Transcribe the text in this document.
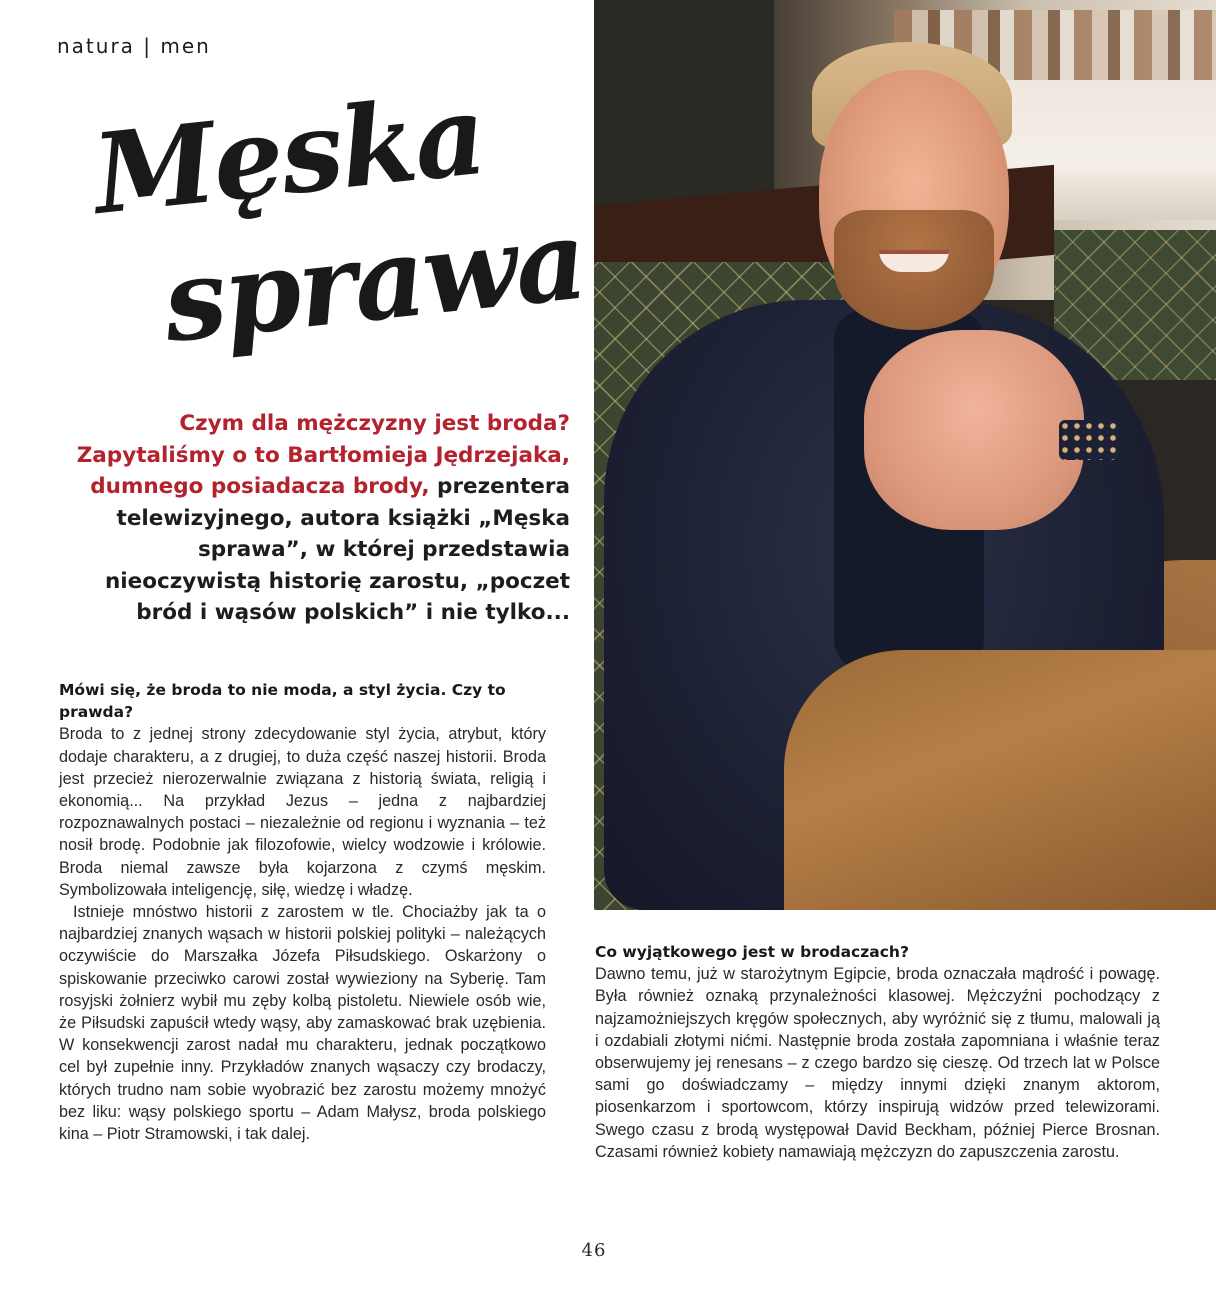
natura | men
Męska
sprawa
Czym dla mężczyzny jest broda? Zapytaliśmy o to Bartłomieja Jędrzejaka, dumnego posiadacza brody, prezentera telewizyjnego, autora książki „Męska sprawa”, w której przedstawia nieoczywistą historię zarostu, „poczet bród i wąsów polskich” i nie tylko...
Mówi się, że broda to nie moda, a styl życia. Czy to prawda?

Broda to z jednej strony zdecydowanie styl życia, atrybut, który dodaje charakteru, a z drugiej, to duża część naszej historii. Broda jest przecież nierozerwalnie związana z historią świata, religią i ekonomią... Na przykład Jezus – jedna z najbardziej rozpoznawalnych postaci – niezależnie od regionu i wyznania – też nosił brodę. Podobnie jak filozofowie, wielcy wodzowie i królowie. Broda niemal zawsze była kojarzona z czymś męskim. Symbolizowała inteligencję, siłę, wiedzę i władzę.

Istnieje mnóstwo historii z zarostem w tle. Chociażby jak ta o najbardziej znanych wąsach w historii polskiej polityki – należących oczywiście do Marszałka Józefa Piłsudskiego. Oskarżony o spiskowanie przeciwko carowi został wywieziony na Syberię. Tam rosyjski żołnierz wybił mu zęby kolbą pistoletu. Niewiele osób wie, że Piłsudski zapuścił wtedy wąsy, aby zamaskować brak uzębienia. W konsekwencji zarost nadał mu charakteru, jednak początkowo cel był zupełnie inny. Przykładów znanych wąsaczy czy brodaczy, których trudno nam sobie wyobrazić bez zarostu możemy mnożyć bez liku: wąsy polskiego sportu – Adam Małysz, broda polskiego kina – Piotr Stramowski, i tak dalej.

Co wyjątkowego jest w brodaczach?

Dawno temu, już w starożytnym Egipcie, broda oznaczała mądrość i powagę. Była również oznaką przynależności klasowej. Mężczyźni pochodzący z najzamożniejszych kręgów społecznych, aby wyróżnić się z tłumu, malowali ją i ozdabiali złotymi nićmi. Następnie broda została zapomniana i właśnie teraz obserwujemy jej renesans – z czego bardzo się cieszę. Od trzech lat w Polsce sami go doświadczamy – między innymi dzięki znanym aktorom, piosenkarzom i sportowcom, którzy inspirują widzów przed telewizorami. Swego czasu z brodą występował David Beckham, później Pierce Brosnan. Czasami również kobiety namawiają mężczyzn do zapuszczenia zarostu.

46
